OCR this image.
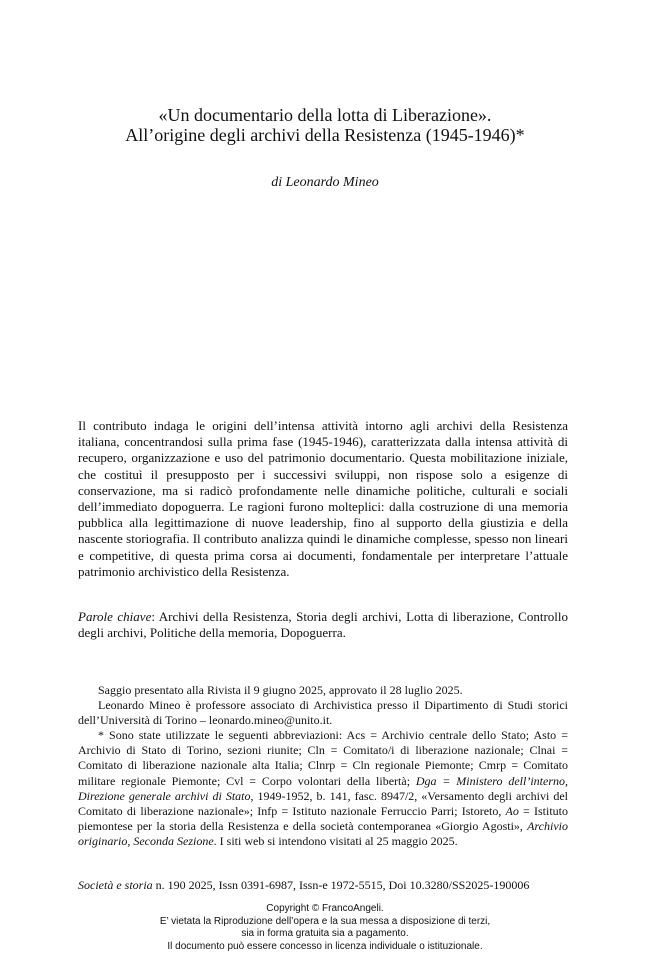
«Un documentario della lotta di Liberazione».
All’origine degli archivi della Resistenza (1945-1946)*
di Leonardo Mineo

Il contributo indaga le origini dell’intensa attività intorno agli archivi della Resistenza italiana, concentrandosi sulla prima fase (1945-1946), caratterizzata dalla intensa attività di recupero, organizzazione e uso del patrimonio documentario. Questa mobilitazione iniziale, che costituì il presupposto per i successivi sviluppi, non rispose solo a esigenze di conservazione, ma si radicò profondamente nelle dinamiche politiche, culturali e sociali dell’immediato dopoguerra. Le ragioni furono molteplici: dalla costruzione di una memoria pubblica alla legittimazione di nuove leadership, fino al supporto della giustizia e della nascente storiografia. Il contributo analizza quindi le dinamiche complesse, spesso non lineari e competitive, di questa prima corsa ai documenti, fondamentale per interpretare l’attuale patrimonio archivistico della Resistenza.

Parole chiave: Archivi della Resistenza, Storia degli archivi, Lotta di liberazione, Controllo degli archivi, Politiche della memoria, Dopoguerra.

Saggio presentato alla Rivista il 9 giugno 2025, approvato il 28 luglio 2025.

Leonardo Mineo è professore associato di Archivistica presso il Dipartimento di Studi storici dell’Università di Torino – leonardo.mineo@unito.it.

* Sono state utilizzate le seguenti abbreviazioni: Acs = Archivio centrale dello Stato; Asto = Archivio di Stato di Torino, sezioni riunite; Cln = Comitato/i di liberazione nazionale; Clnai = Comitato di liberazione nazionale alta Italia; Clnrp = Cln regionale Piemonte; Cmrp = Comitato militare regionale Piemonte; Cvl = Corpo volontari della libertà; Dga = Ministero dell’interno, Direzione generale archivi di Stato, 1949-1952, b. 141, fasc. 8947/2, «Versamento degli archivi del Comitato di liberazione nazionale»; Infp = Istituto nazionale Ferruccio Parri; Istoreto, Ao = Istituto piemontese per la storia della Resistenza e della società contemporanea «Giorgio Agosti», Archivio originario, Seconda Sezione. I siti web si intendono visitati al 25 maggio 2025.

Società e storia n. 190 2025, Issn 0391-6987, Issn-e 1972-5515, Doi 10.3280/SS2025-190006

Copyright © FrancoAngeli.
E’ vietata la Riproduzione dell’opera e la sua messa a disposizione di terzi,
sia in forma gratuita sia a pagamento.
Il documento può essere concesso in licenza individuale o istituzionale.
